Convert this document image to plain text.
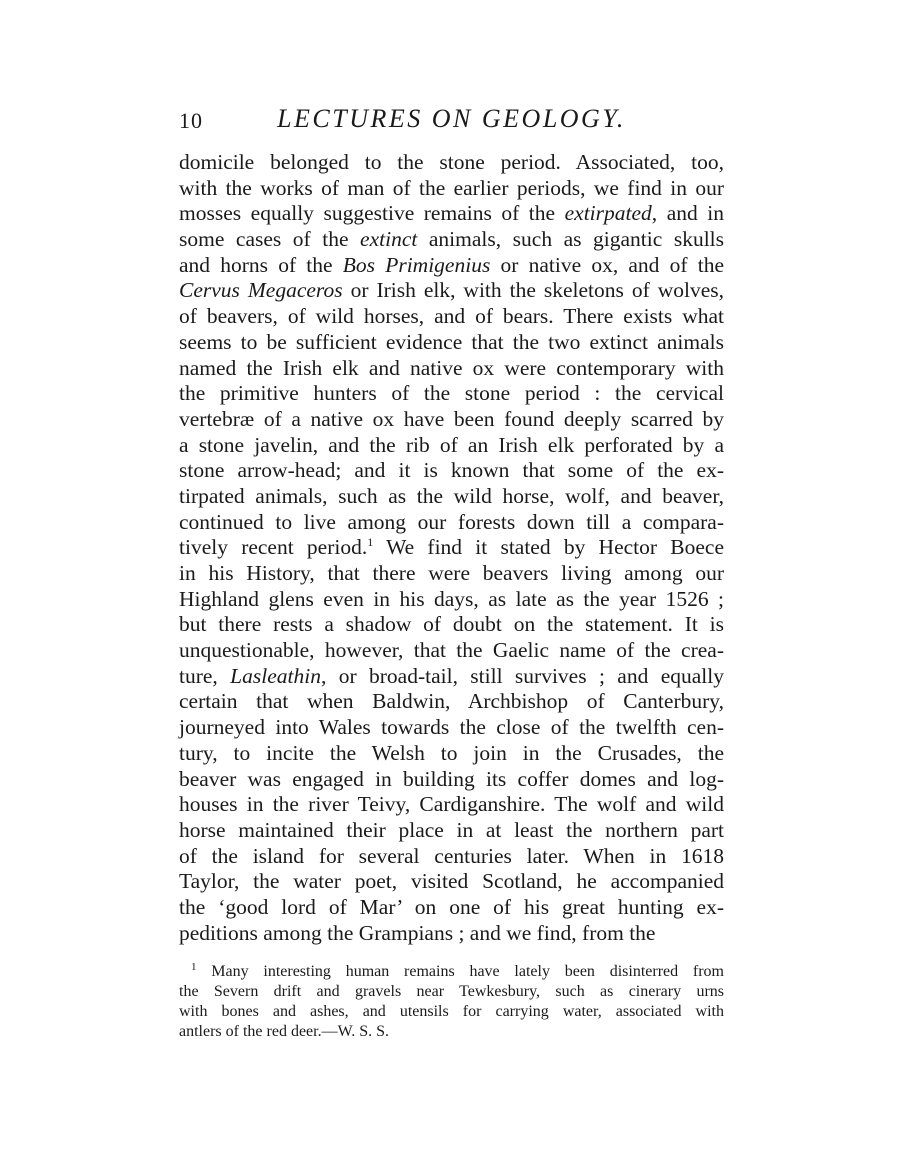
10	LECTURES ON GEOLOGY.
domicile belonged to the stone period. Associated, too,
with the works of man of the earlier periods, we find in our
mosses equally suggestive remains of the extirpated, and in
some cases of the extinct animals, such as gigantic skulls
and horns of the Bos Primigenius or native ox, and of the
Cervus Megaceros or Irish elk, with the skeletons of wolves,
of beavers, of wild horses, and of bears. There exists what
seems to be sufficient evidence that the two extinct animals
named the Irish elk and native ox were contemporary with
the primitive hunters of the stone period : the cervical
vertebræ of a native ox have been found deeply scarred by
a stone javelin, and the rib of an Irish elk perforated by a
stone arrow-head; and it is known that some of the ex-
tirpated animals, such as the wild horse, wolf, and beaver,
continued to live among our forests down till a compara-
tively recent period.$^1$ We find it stated by Hector Boece
in his History, that there were beavers living among our
Highland glens even in his days, as late as the year 1526 ;
but there rests a shadow of doubt on the statement. It is
unquestionable, however, that the Gaelic name of the crea-
ture, Lasleathin, or broad-tail, still survives ; and equally
certain that when Baldwin, Archbishop of Canterbury,
journeyed into Wales towards the close of the twelfth cen-
tury, to incite the Welsh to join in the Crusades, the
beaver was engaged in building its coffer domes and log-
houses in the river Teivy, Cardiganshire. The wolf and wild
horse maintained their place in at least the northern part
of the island for several centuries later. When in 1618
Taylor, the water poet, visited Scotland, he accompanied
the ‘good lord of Mar’ on one of his great hunting ex-
peditions among the Grampians ; and we find, from the
$^1$ Many interesting human remains have lately been disinterred from
the Severn drift and gravels near Tewkesbury, such as cinerary urns
with bones and ashes, and utensils for carrying water, associated with
antlers of the red deer.—W. S. S.
